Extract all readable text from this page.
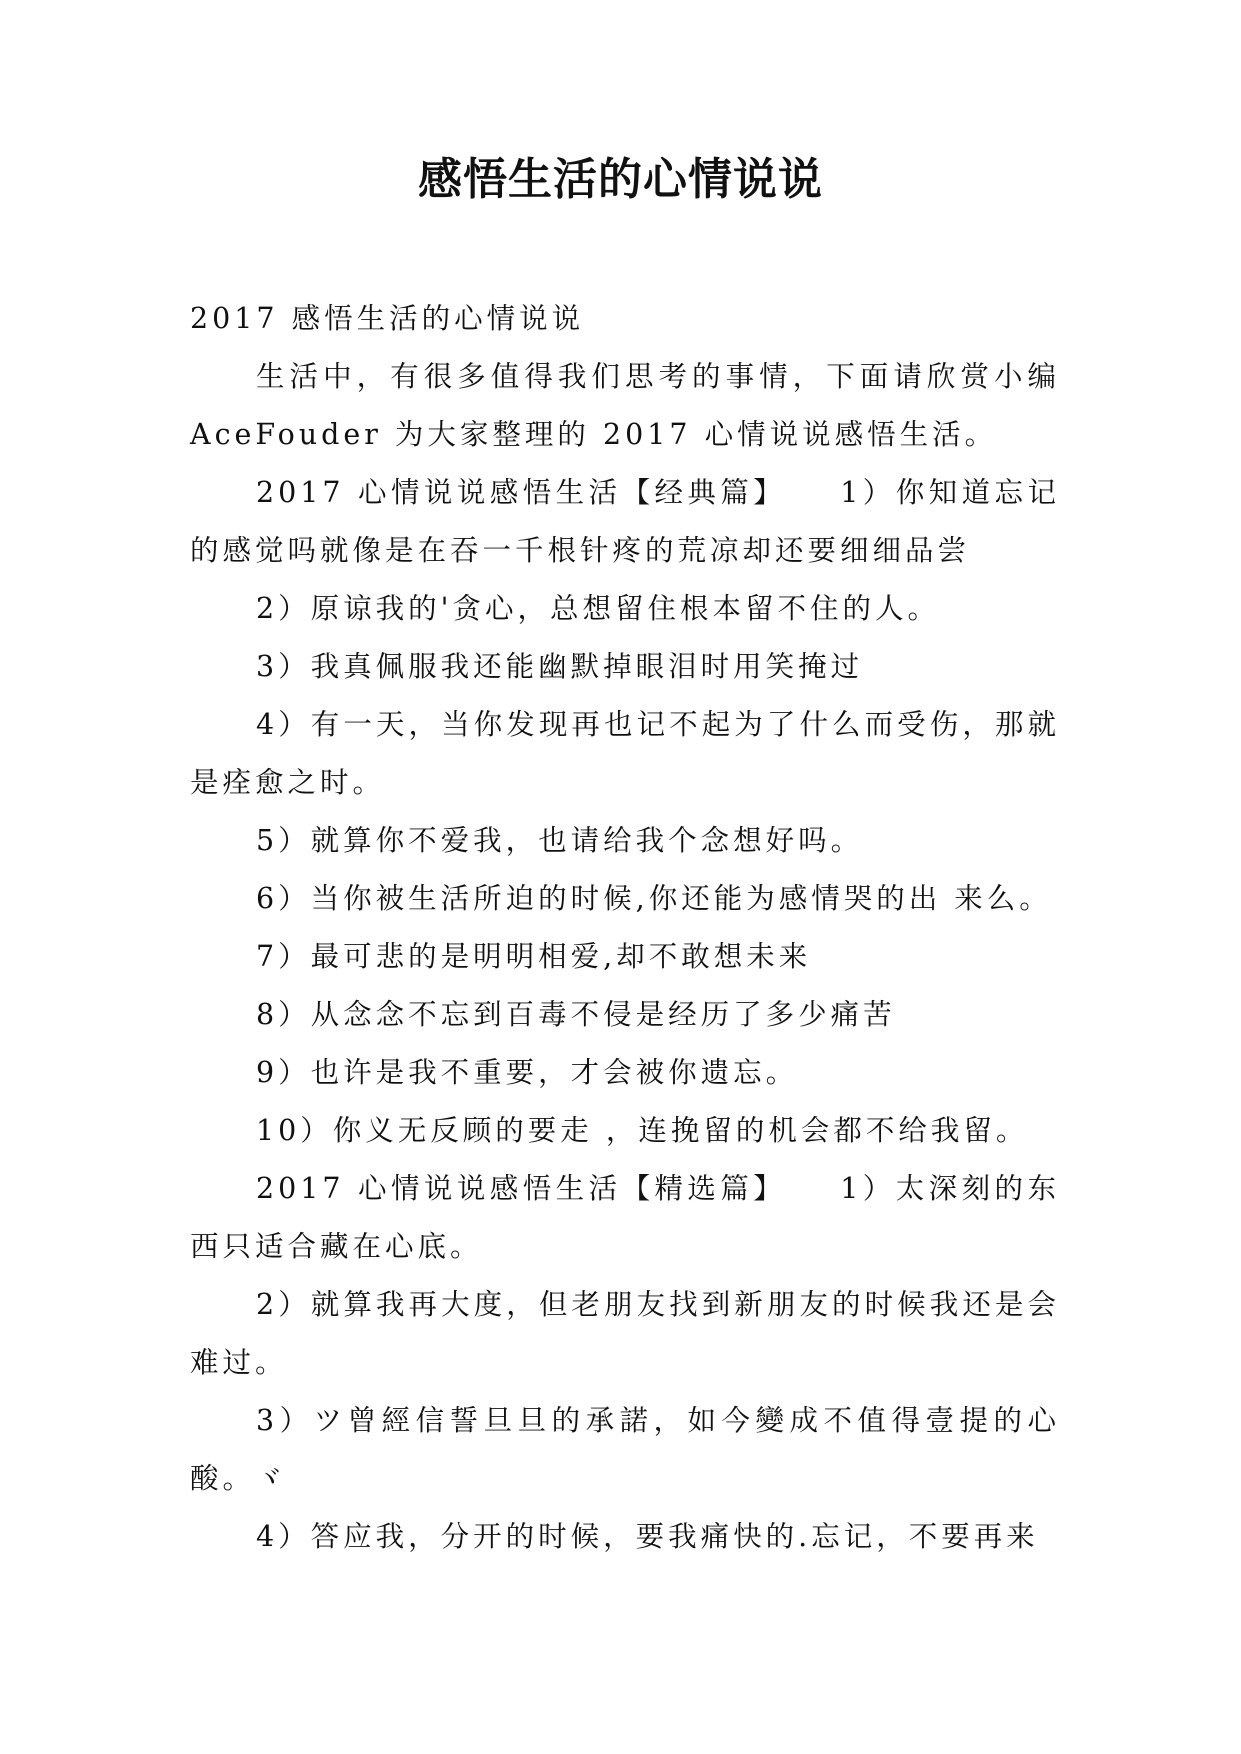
感悟生活的心情说说

2017 感悟生活的心情说说

生活中，有很多值得我们思考的事情，下面请欣赏小编 AceFouder 为大家整理的 2017 心情说说感悟生活。

2017 心情说说感悟生活【经典篇】    1）你知道忘记的感觉吗就像是在吞一千根针疼的荒凉却还要细细品尝

2）原谅我的'贪心，总想留住根本留不住的人。

3）我真佩服我还能幽默掉眼泪时用笑掩过

4）有一天，当你发现再也记不起为了什么而受伤，那就是痊愈之时。

5）就算你不爱我，也请给我个念想好吗。

6）当你被生活所迫的时候,你还能为感情哭的出 来么。

7）最可悲的是明明相爱,却不敢想未来

8）从念念不忘到百毒不侵是经历了多少痛苦

9）也许是我不重要，才会被你遗忘。

10）你义无反顾的要走 ，连挽留的机会都不给我留。

2017 心情说说感悟生活【精选篇】    1）太深刻的东西只适合藏在心底。

2）就算我再大度，但老朋友找到新朋友的时候我还是会难过。

3）ツ曾經信誓旦旦的承諾，如今變成不值得壹提的心酸。ヾ

4）答应我，分开的时候，要我痛快的.忘记，不要再来
